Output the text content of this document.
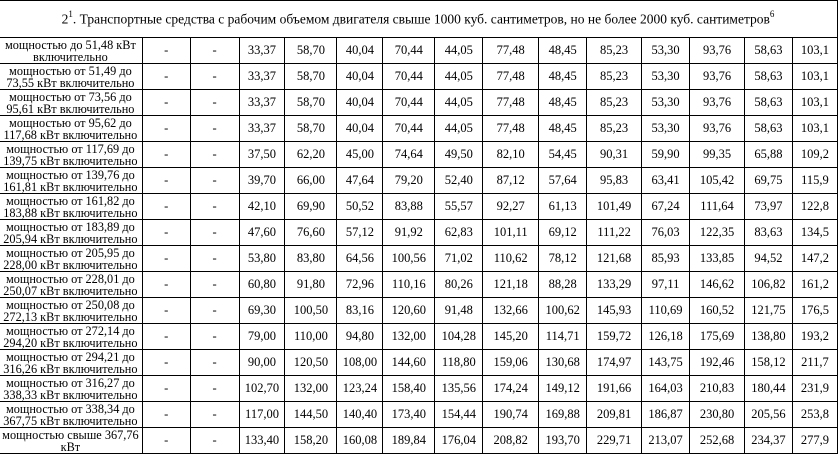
$2^1$. Транспортные средства с рабочим объемом двигателя свыше 1000 куб. сантиметров, но не более 2000 куб. сантиметров$^6$
мощностью до 51,48 кВт включительно	-	-	33,37	58,70	40,04	70,44	44,05	77,48	48,45	85,23	53,30	93,76	58,63	103,1
мощностью от 51,49 до 73,55 кВт включительно	-	-	33,37	58,70	40,04	70,44	44,05	77,48	48,45	85,23	53,30	93,76	58,63	103,1
мощностью от 73,56 до 95,61 кВт включительно	-	-	33,37	58,70	40,04	70,44	44,05	77,48	48,45	85,23	53,30	93,76	58,63	103,1
мощностью от 95,62 до 117,68 кВт включительно	-	-	33,37	58,70	40,04	70,44	44,05	77,48	48,45	85,23	53,30	93,76	58,63	103,1
мощностью от 117,69 до 139,75 кВт включительно	-	-	37,50	62,20	45,00	74,64	49,50	82,10	54,45	90,31	59,90	99,35	65,88	109,2
мощностью от 139,76 до 161,81 кВт включительно	-	-	39,70	66,00	47,64	79,20	52,40	87,12	57,64	95,83	63,41	105,42	69,75	115,9
мощностью от 161,82 до 183,88 кВт включительно	-	-	42,10	69,90	50,52	83,88	55,57	92,27	61,13	101,49	67,24	111,64	73,97	122,8
мощностью от 183,89 до 205,94 кВт включительно	-	-	47,60	76,60	57,12	91,92	62,83	101,11	69,12	111,22	76,03	122,35	83,63	134,5
мощностью от 205,95 до 228,00 кВт включительно	-	-	53,80	83,80	64,56	100,56	71,02	110,62	78,12	121,68	85,93	133,85	94,52	147,2
мощностью от 228,01 до 250,07 кВт включительно	-	-	60,80	91,80	72,96	110,16	80,26	121,18	88,28	133,29	97,11	146,62	106,82	161,2
мощностью от 250,08 до 272,13 кВт включительно	-	-	69,30	100,50	83,16	120,60	91,48	132,66	100,62	145,93	110,69	160,52	121,75	176,5
мощностью от 272,14 до 294,20 кВт включительно	-	-	79,00	110,00	94,80	132,00	104,28	145,20	114,71	159,72	126,18	175,69	138,80	193,2
мощностью от 294,21 до 316,26 кВт включительно	-	-	90,00	120,50	108,00	144,60	118,80	159,06	130,68	174,97	143,75	192,46	158,12	211,7
мощностью от 316,27 до 338,33 кВт включительно	-	-	102,70	132,00	123,24	158,40	135,56	174,24	149,12	191,66	164,03	210,83	180,44	231,9
мощностью от 338,34 до 367,75 кВт включительно	-	-	117,00	144,50	140,40	173,40	154,44	190,74	169,88	209,81	186,87	230,80	205,56	253,8
мощностью свыше 367,76 кВт	-	-	133,40	158,20	160,08	189,84	176,04	208,82	193,70	229,71	213,07	252,68	234,37	277,9
